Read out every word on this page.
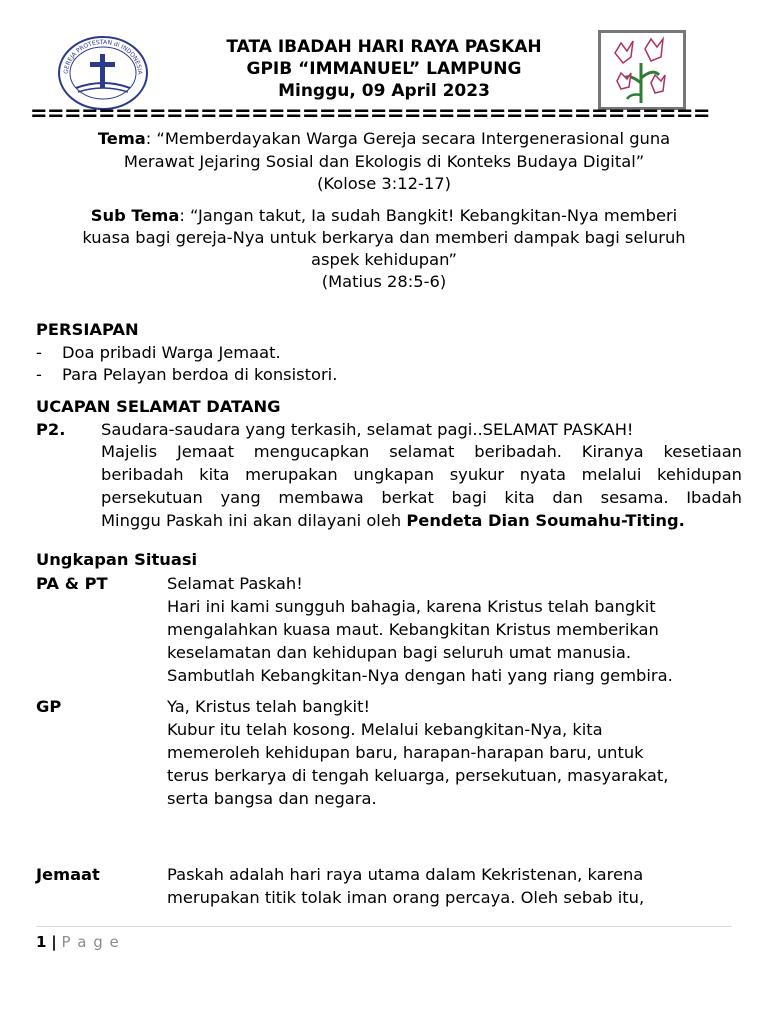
GEREJA PROTESTAN di INDONESIA
TATA IBADAH HARI RAYA PASKAH
GPIB “IMMANUEL” LAMPUNG
Minggu, 09 April 2023
========================================
Tema: “Memberdayakan Warga Gereja secara Intergenerasional guna
Merawat Jejaring Sosial dan Ekologis di Konteks Budaya Digital”
(Kolose 3:12-17)
Sub Tema: “Jangan takut, Ia sudah Bangkit! Kebangkitan-Nya memberi
kuasa bagi gereja-Nya untuk berkarya dan memberi dampak bagi seluruh
aspek kehidupan”
(Matius 28:5-6)
PERSIAPAN
- Doa pribadi Warga Jemaat.
- Para Pelayan berdoa di konsistori.
UCAPAN SELAMAT DATANG
P2. Saudara-saudara yang terkasih, selamat pagi..SELAMAT PASKAH!
Majelis Jemaat mengucapkan selamat beribadah. Kiranya kesetiaan
beribadah kita merupakan ungkapan syukur nyata melalui kehidupan
persekutuan yang membawa berkat bagi kita dan sesama. Ibadah
Minggu Paskah ini akan dilayani oleh Pendeta Dian Soumahu-Titing.
Ungkapan Situasi
PA & PT	Selamat Paskah!
Hari ini kami sungguh bahagia, karena Kristus telah bangkit
mengalahkan kuasa maut. Kebangkitan Kristus memberikan
keselamatan dan kehidupan bagi seluruh umat manusia.
Sambutlah Kebangkitan-Nya dengan hati yang riang gembira.
GP	Ya, Kristus telah bangkit!
Kubur itu telah kosong. Melalui kebangkitan-Nya, kita
memeroleh kehidupan baru, harapan-harapan baru, untuk
terus berkarya di tengah keluarga, persekutuan, masyarakat,
serta bangsa dan negara.
Jemaat	Paskah adalah hari raya utama dalam Kekristenan, karena
merupakan titik tolak iman orang percaya. Oleh sebab itu,
1 | P a g e
